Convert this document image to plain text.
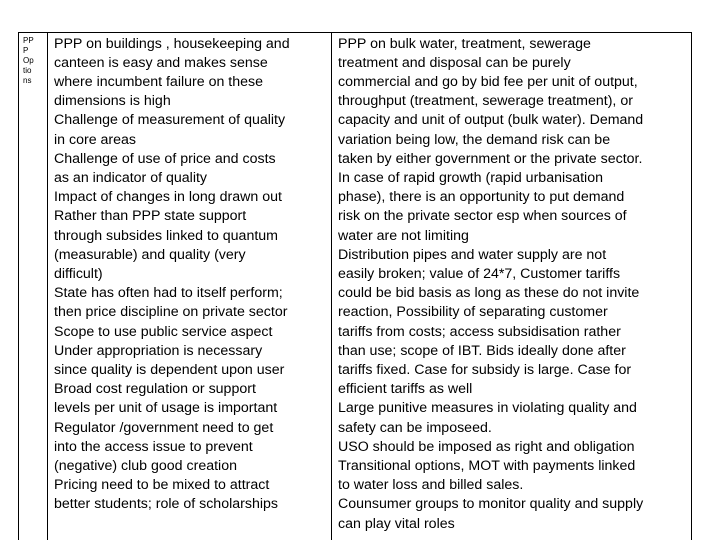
PP
P
Op
tio
ns
PPP on buildings , housekeeping and
canteen is easy and makes sense
where incumbent failure on these
dimensions is high
Challenge of measurement of quality
in core areas
Challenge of use of price and costs
as an indicator of quality
Impact of changes in long drawn out
Rather than PPP state support
through subsides linked to quantum
(measurable) and quality (very
difficult)
State has often had to itself perform;
then price discipline on private sector
Scope to use public service aspect
Under appropriation is necessary
since quality is dependent upon user
Broad cost regulation or support
levels per unit of usage is important
Regulator /government need to get
into the access issue to prevent
(negative) club good creation
Pricing need to be mixed to attract
better students; role of scholarships
PPP on bulk water, treatment, sewerage
treatment and disposal can be purely
commercial and go by bid fee per unit of output,
throughput (treatment, sewerage treatment), or
capacity and unit of output (bulk water). Demand
variation being low, the demand risk can be
taken by either government or the private sector.
In case of rapid growth (rapid urbanisation
phase), there is an opportunity to put demand
risk on the private sector esp when sources of
water are not limiting
Distribution pipes and water supply are not
easily broken; value of 24*7, Customer tariffs
could be bid basis as long as these do not invite
reaction, Possibility of separating customer
tariffs from costs; access subsidisation rather
than use; scope of IBT. Bids ideally done after
tariffs fixed. Case for subsidy is large. Case for
efficient tariffs as well
Large punitive measures in violating quality and
safety can be imposeed.
USO should be imposed as right and obligation
Transitional options, MOT with payments linked
to water loss and billed sales.
Counsumer groups to monitor quality and supply
can play vital roles
